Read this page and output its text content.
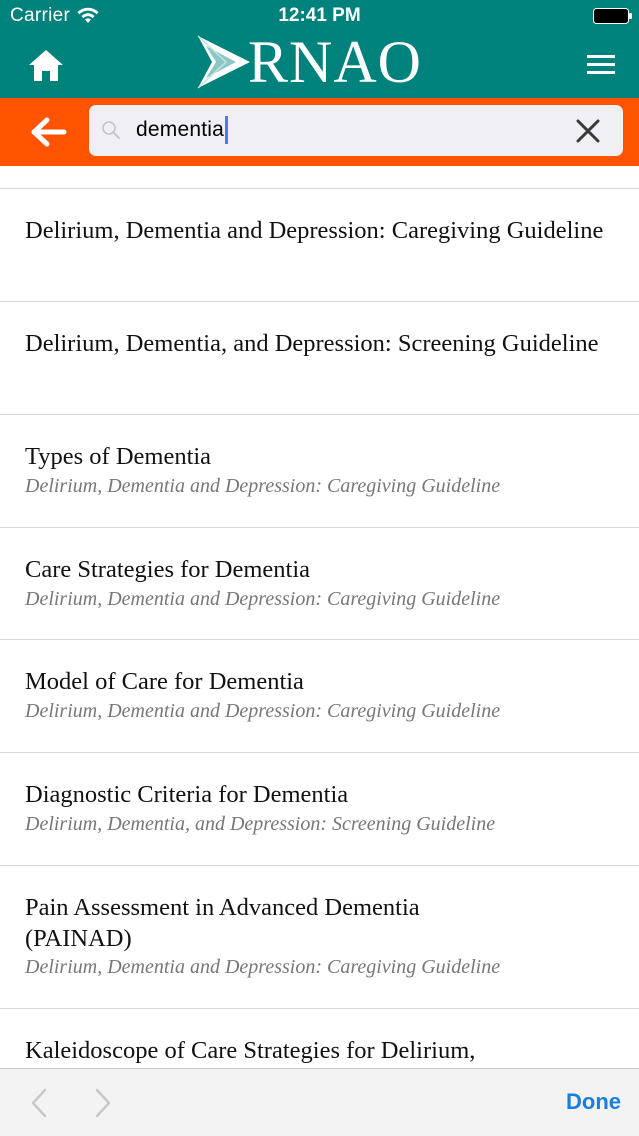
Carrier	12:41 PM
RNAO
dementia
Delirium, Dementia and Depression: Caregiving Guideline
Delirium, Dementia, and Depression: Screening Guideline
Types of Dementia
Delirium, Dementia and Depression: Caregiving Guideline
Care Strategies for Dementia
Delirium, Dementia and Depression: Caregiving Guideline
Model of Care for Dementia
Delirium, Dementia and Depression: Caregiving Guideline
Diagnostic Criteria for Dementia
Delirium, Dementia, and Depression: Screening Guideline
Pain Assessment in Advanced Dementia (PAINAD)
Delirium, Dementia and Depression: Caregiving Guideline
Kaleidoscope of Care Strategies for Delirium,
Done
